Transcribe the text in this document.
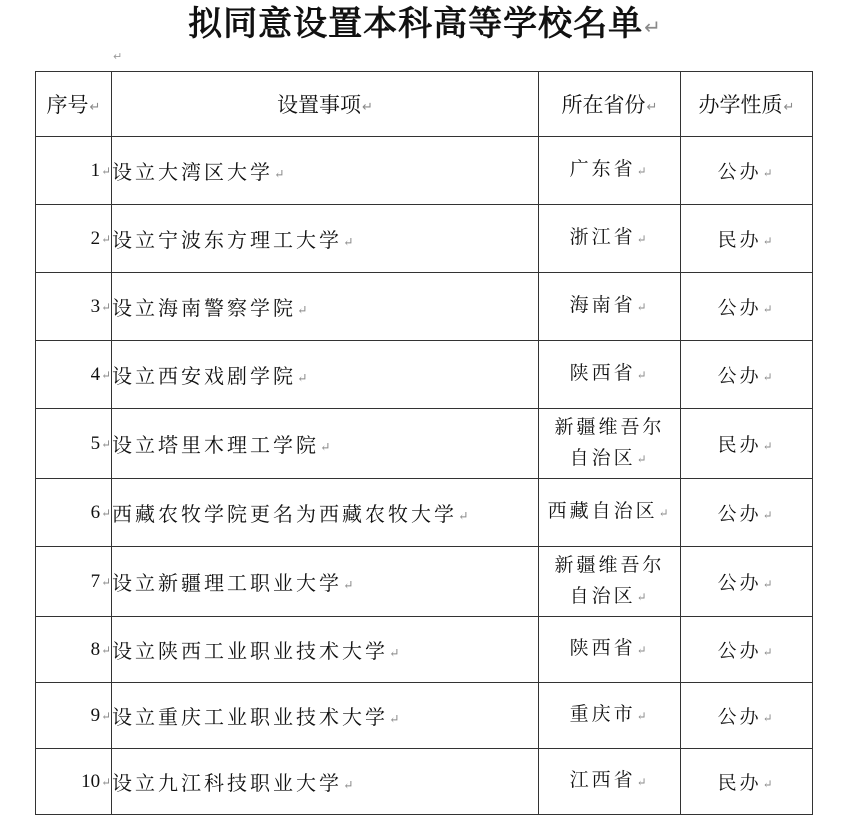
拟同意设置本科高等学校名单↵
↵
序号↵	设置事项↵	所在省份↵	办学性质↵
1↵	设立大湾区大学↵	广东省↵	公办↵
2↵	设立宁波东方理工大学↵	浙江省↵	民办↵
3↵	设立海南警察学院↵	海南省↵	公办↵
4↵	设立西安戏剧学院↵	陕西省↵	公办↵
5↵	设立塔里木理工学院↵	新疆维吾尔
自治区↵	民办↵
6↵	西藏农牧学院更名为西藏农牧大学↵	西藏自治区↵	公办↵
7↵	设立新疆理工职业大学↵	新疆维吾尔
自治区↵	公办↵
8↵	设立陕西工业职业技术大学↵	陕西省↵	公办↵
9↵	设立重庆工业职业技术大学↵	重庆市↵	公办↵
10↵	设立九江科技职业大学↵	江西省↵	民办↵
